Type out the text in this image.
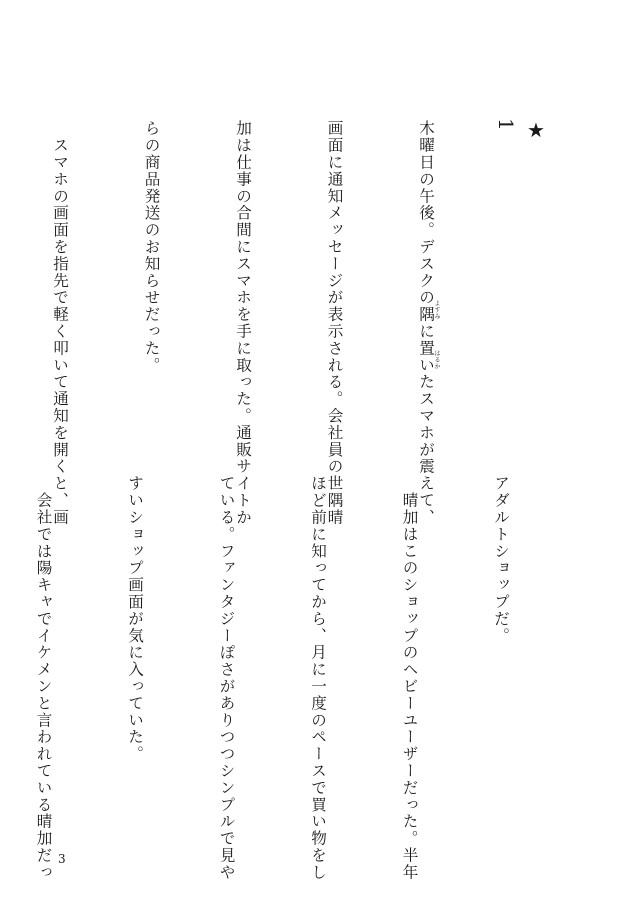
★
1

木曜日の午後。デスクの隅に置いたスマホが震えて、

画面に通知メッセージが表示される。会社員の世隅晴

加は仕事の合間にスマホを手に取った。通販サイトか

らの商品発送のお知らせだった。

　スマホの画面を指先で軽く叩いて通知を開くと、画

アダルトショップだ。

　晴加はこのショップのヘビーユーザーだった。半年

ほど前に知ってから、月に一度のペースで買い物をし

ている。ファンタジーぽさがありつつシンプルで見や

すいショップ画面が気に入っていた。

　会社では陽キャでイケメンと言われている晴加だっ

よすみ
はるか
3
